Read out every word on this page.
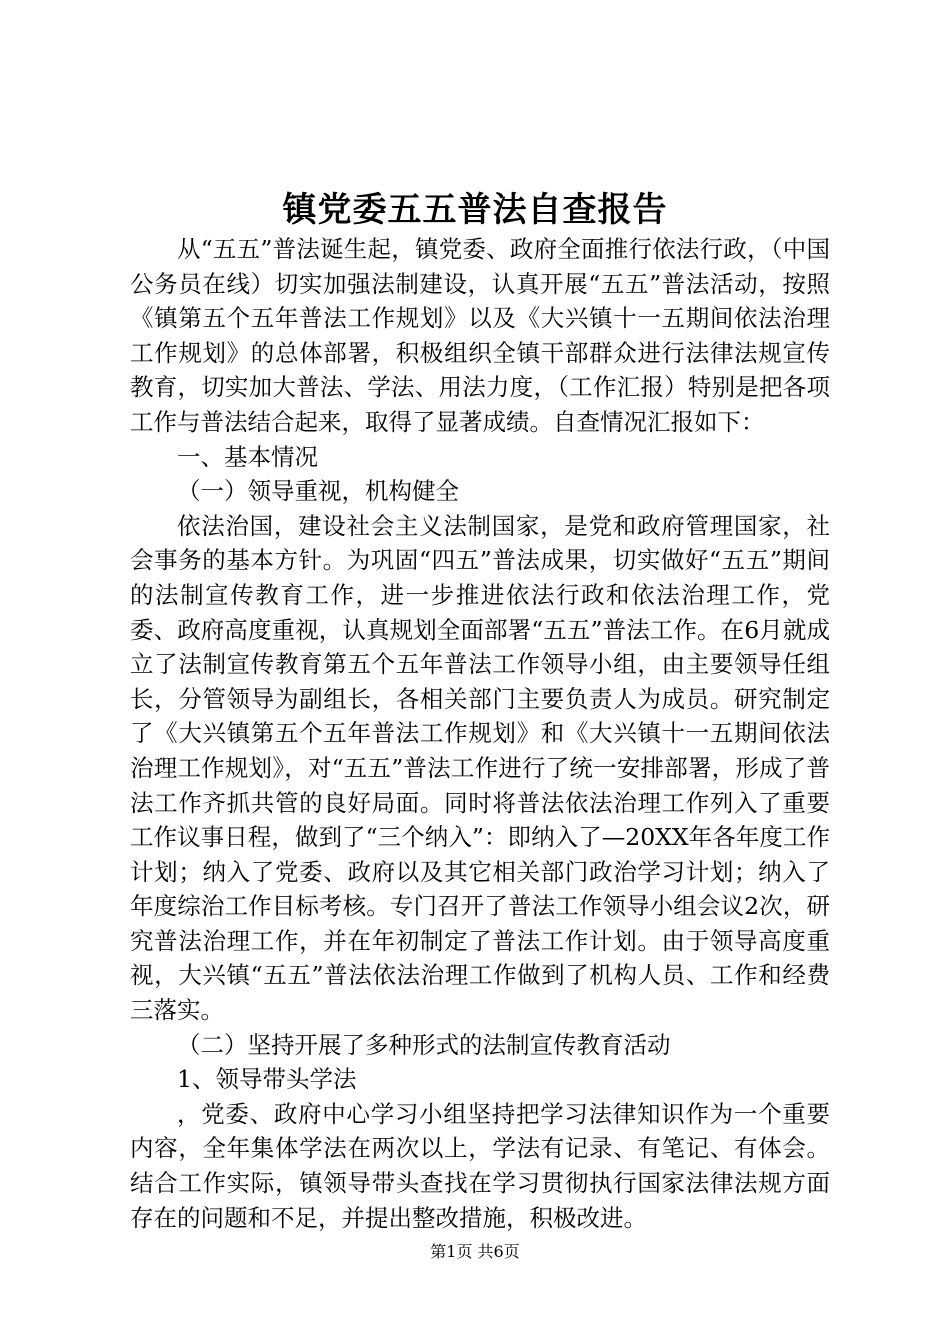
镇党委五五普法自查报告

从“五五”普法诞生起，镇党委、政府全面推行依法行政，（中国公务员在线）切实加强法制建设，认真开展“五五”普法活动，按照《镇第五个五年普法工作规划》以及《大兴镇十一五期间依法治理工作规划》的总体部署，积极组织全镇干部群众进行法律法规宣传教育，切实加大普法、学法、用法力度，（工作汇报）特别是把各项工作与普法结合起来，取得了显著成绩。自查情况汇报如下：

一、基本情况

（一）领导重视，机构健全

依法治国，建设社会主义法制国家，是党和政府管理国家，社会事务的基本方针。为巩固“四五”普法成果，切实做好“五五”期间的法制宣传教育工作，进一步推进依法行政和依法治理工作，党委、政府高度重视，认真规划全面部署“五五”普法工作。在6月就成立了法制宣传教育第五个五年普法工作领导小组，由主要领导任组长，分管领导为副组长，各相关部门主要负责人为成员。研究制定了《大兴镇第五个五年普法工作规划》和《大兴镇十一五期间依法治理工作规划》，对“五五”普法工作进行了统一安排部署，形成了普法工作齐抓共管的良好局面。同时将普法依法治理工作列入了重要工作议事日程，做到了“三个纳入”：即纳入了—20XX年各年度工作计划；纳入了党委、政府以及其它相关部门政治学习计划；纳入了年度综治工作目标考核。专门召开了普法工作领导小组会议2次，研究普法治理工作，并在年初制定了普法工作计划。由于领导高度重视，大兴镇“五五”普法依法治理工作做到了机构人员、工作和经费三落实。

（二）坚持开展了多种形式的法制宣传教育活动

1、领导带头学法

，党委、政府中心学习小组坚持把学习法律知识作为一个重要内容，全年集体学法在两次以上，学法有记录、有笔记、有体会。结合工作实际，镇领导带头查找在学习贯彻执行国家法律法规方面存在的问题和不足，并提出整改措施，积极改进。

第1页 共6页
